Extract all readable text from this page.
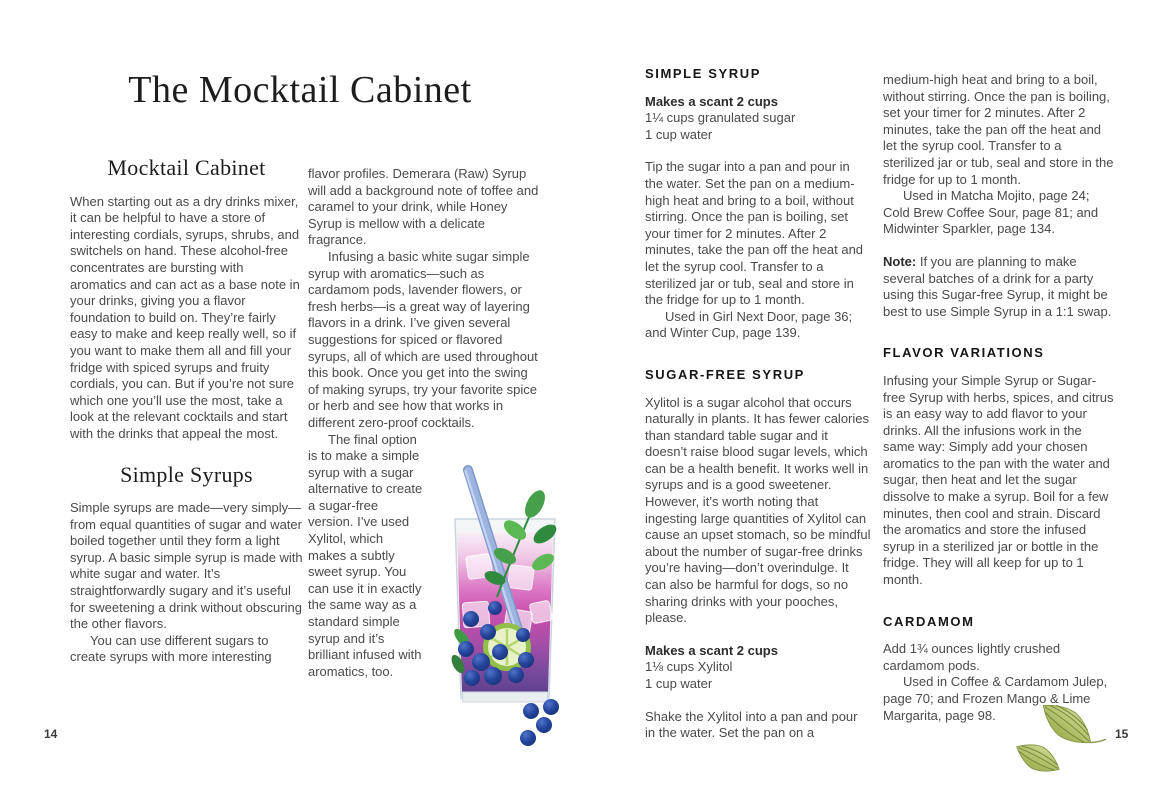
The Mocktail Cabinet
Mocktail Cabinet

When starting out as a dry drinks mixer, it can be helpful to have a store of interesting cordials, syrups, shrubs, and switchels on hand. These alcohol-free concentrates are bursting with aromatics and can act as a base note in your drinks, giving you a flavor foundation to build on. They’re fairly easy to make and keep really well, so if you want to make them all and fill your fridge with spiced syrups and fruity cordials, you can. But if you’re not sure which one you’ll use the most, take a look at the relevant cocktails and start with the drinks that appeal the most.

Simple Syrups

Simple syrups are made—very simply—from equal quantities of sugar and water boiled together until they form a light syrup. A basic simple syrup is made with white sugar and water. It’s straightforwardly sugary and it’s useful for sweetening a drink without obscuring the other flavors.

You can use different sugars to create syrups with more interesting

flavor profiles. Demerara (Raw) Syrup will add a background note of toffee and caramel to your drink, while Honey Syrup is mellow with a delicate fragrance.

Infusing a basic white sugar simple syrup with aromatics—such as cardamom pods, lavender flowers, or fresh herbs—is a great way of layering flavors in a drink. I’ve given several suggestions for spiced or flavored syrups, all of which are used throughout this book. Once you get into the swing of making syrups, try your favorite spice or herb and see how that works in different zero-proof cocktails.

The final option is to make a simple syrup with a sugar alternative to create a sugar-free version. I’ve used Xylitol, which makes a subtly sweet syrup. You can use it in exactly the same way as a standard simple syrup and it’s brilliant infused with aromatics, too.

14
SIMPLE SYRUP

Makes a scant 2 cups

1¼ cups granulated sugar

1 cup water

Tip the sugar into a pan and pour in the water. Set the pan on a medium-high heat and bring to a boil, without stirring. Once the pan is boiling, set your timer for 2 minutes. After 2 minutes, take the pan off the heat and let the syrup cool. Transfer to a sterilized jar or tub, seal and store in the fridge for up to 1 month.

Used in Girl Next Door, page 36; and Winter Cup, page 139.

SUGAR-FREE SYRUP

Xylitol is a sugar alcohol that occurs naturally in plants. It has fewer calories than standard table sugar and it doesn’t raise blood sugar levels, which can be a health benefit. It works well in syrups and is a good sweetener. However, it’s worth noting that ingesting large quantities of Xylitol can cause an upset stomach, so be mindful about the number of sugar-free drinks you’re having—don’t overindulge. It can also be harmful for dogs, so no sharing drinks with your pooches, please.

Makes a scant 2 cups

1⅛ cups Xylitol

1 cup water

Shake the Xylitol into a pan and pour in the water. Set the pan on a

medium-high heat and bring to a boil, without stirring. Once the pan is boiling, set your timer for 2 minutes. After 2 minutes, take the pan off the heat and let the syrup cool. Transfer to a sterilized jar or tub, seal and store in the fridge for up to 1 month.

Used in Matcha Mojito, page 24; Cold Brew Coffee Sour, page 81; and Midwinter Sparkler, page 134.

Note: If you are planning to make several batches of a drink for a party using this Sugar-free Syrup, it might be best to use Simple Syrup in a 1:1 swap.

FLAVOR VARIATIONS

Infusing your Simple Syrup or Sugar-free Syrup with herbs, spices, and citrus is an easy way to add flavor to your drinks. All the infusions work in the same way: Simply add your chosen aromatics to the pan with the water and sugar, then heat and let the sugar dissolve to make a syrup. Boil for a few minutes, then cool and strain. Discard the aromatics and store the infused syrup in a sterilized jar or bottle in the fridge. They will all keep for up to 1 month.

CARDAMOM

Add 1¾ ounces lightly crushed cardamom pods.

Used in Coffee & Cardamom Julep, page 70; and Frozen Mango & Lime Margarita, page 98.

15
